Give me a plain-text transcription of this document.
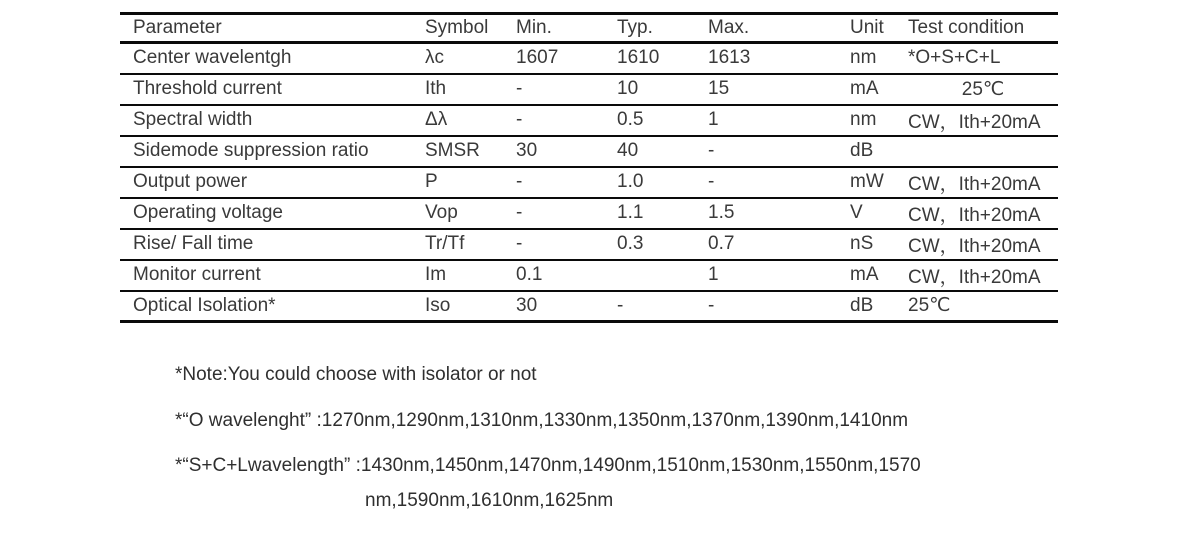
Parameter	Symbol	Min.	Typ.	Max.	Unit	Test condition
Center wavelentgh	λc	1607	1610	1613	nm	*O+S+C+L
Threshold current	Ith	-	10	15	mA	25℃
Spectral width	Δλ	-	0.5	1	nm	CW，Ith+20mA
Sidemode suppression ratio	SMSR	30	40	-	dB	
Output power	P	-	1.0	-	mW	CW，Ith+20mA
Operating voltage	Vop	-	1.1	1.5	V	CW，Ith+20mA
Rise/ Fall time	Tr/Tf	-	0.3	0.7	nS	CW，Ith+20mA
Monitor current	Im	0.1		1	mA	CW，Ith+20mA
Optical Isolation*	Iso	30	-	-	dB	25℃
*Note:You could choose with isolator or not
*“O wavelenght” :1270nm,1290nm,1310nm,1330nm,1350nm,1370nm,1390nm,1410nm
*“S+C+Lwavelength” :1430nm,1450nm,1470nm,1490nm,1510nm,1530nm,1550nm,1570
nm,1590nm,1610nm,1625nm
